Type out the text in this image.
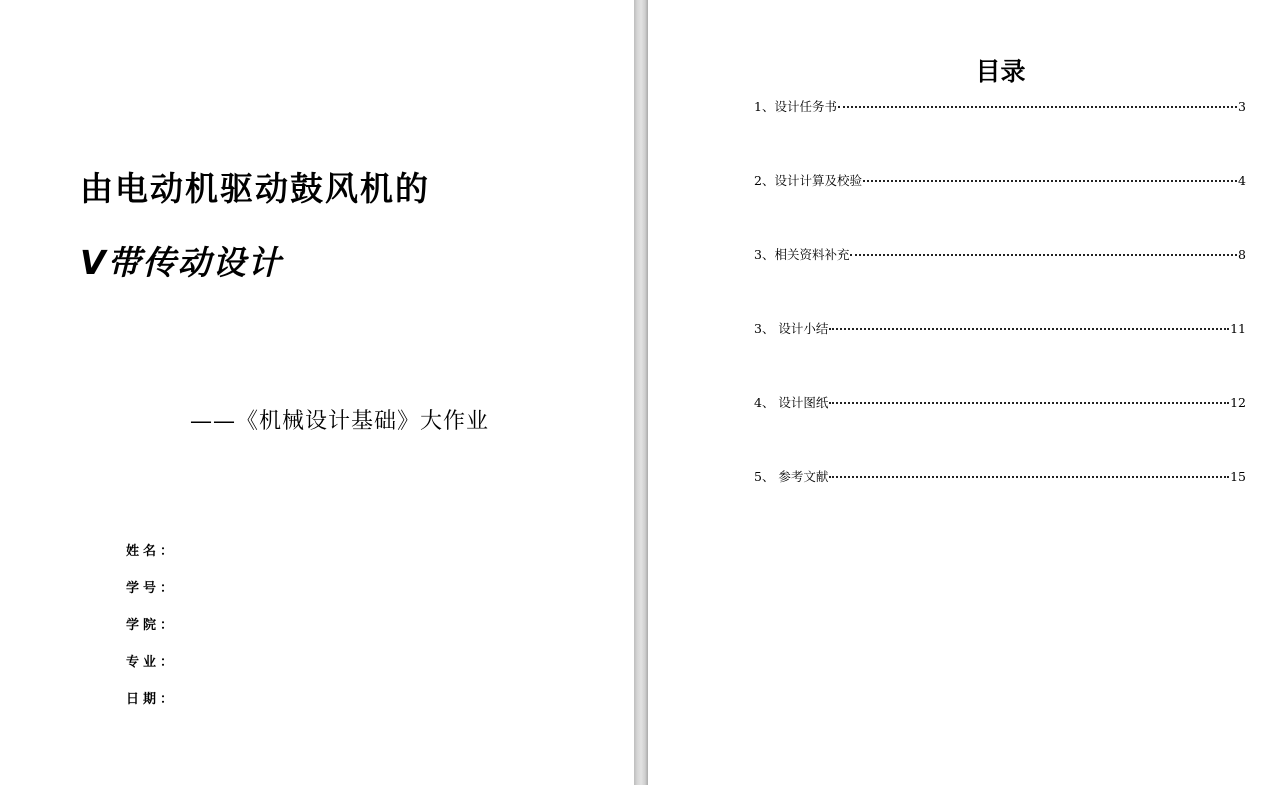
由电动机驱动鼓风机的
V带传动设计
——《机械设计基础》大作业
姓名：
学号：
学院：
专业：
日期：
目录
1、设计任务书	3
2、设计计算及校验	4
3、相关资料补充	8
3、 设计小结	11
4、 设计图纸	12
5、 参考文献	15
